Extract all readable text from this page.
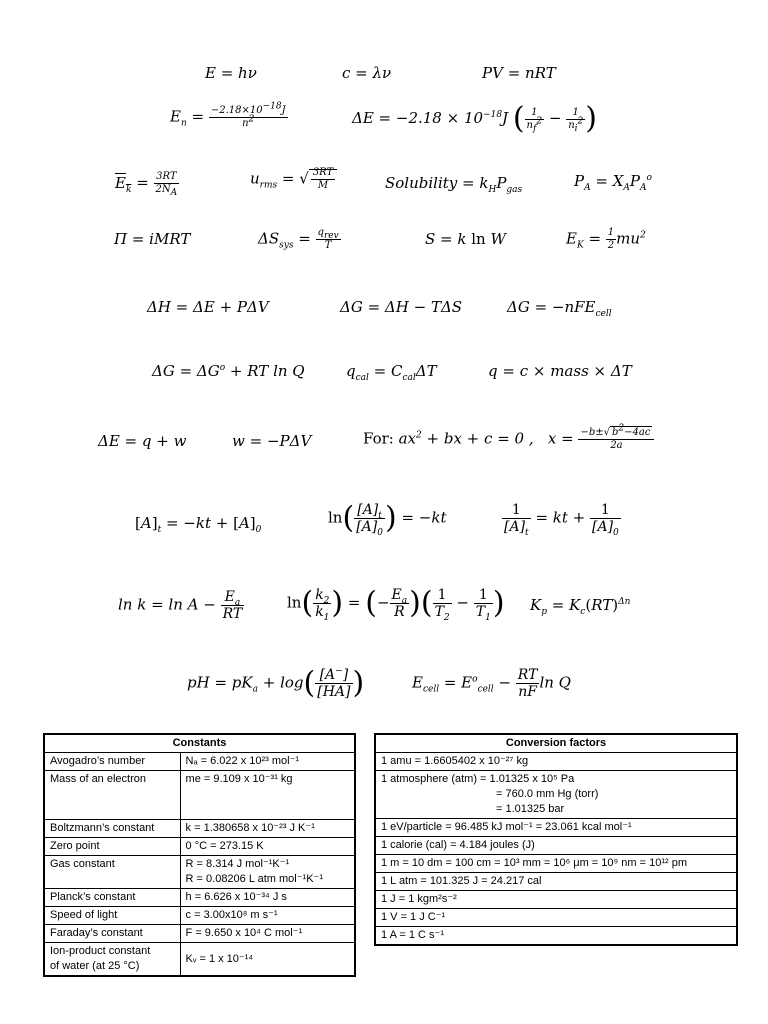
E = hν	c = λν	PV = nRT
$E_n = \frac{-2.18\times 10^{-18}J}{n^2}$	$\Delta E = -2.18 \times 10^{-18}J$ ( $\frac{1}{n_f^2} - \frac{1}{n_i^2}$ )
$E_k = \frac{3RT}{2N_A}$	$u_{rms}$ = √ $\frac{3RT}{M}$	Solubility = $k_HP_{gas}$	$P_A = X_AP_A^o$
Π = iMRT	$\Delta S_{sys} = \frac{q_{rev}}{T}$	S = k ln W	$E_K = \frac{1}{2} mu^2$
ΔH = ΔE + PΔV	ΔG = ΔH − TΔS	ΔG = −nFE$_{cell}$
$\Delta G = \Delta G^o$ + RT ln Q	$q_{cal} = C_{cal}\Delta T$	q = c × mass × ΔT
ΔE = q + w	w = −PΔV	For: $ax^2$ + bx + c = 0 ,   $x = \frac{-b\pm√ b^2-4ac}{2a}$
$[A]_t = -kt + [A]_0$
$\ln( \frac{[A]_t}{[A]_0}$ ) = −kt	$\frac{1}{[A]_t}$ = kt + $\frac{1}{[A]_0}$
$\ln k = \ln A - \frac{E_a}{RT}$	$\ln( \frac{k_2}{k_1}$ ) = (− $\frac{E_a}{R}$ )( $\frac{1}{T_2} - \frac{1}{T_1}$ ) $K_p = K_c(RT)^{\Delta n}$
pH = $pK_a + \log( \frac{[A^-]}{[HA]}$ )	$E_{cell} = E^o_{cell} - \frac{RT}{nF}$ ln Q
Constants	
Avogadro’s number	Nₐ = 6.022 x 10²³ mol⁻¹
Mass of an electron	me = 9.109 x 10⁻³¹ kg
Boltzmann’s constant	k = 1.380658 x 10⁻²³ J K⁻¹
Zero point	0 °C = 273.15 K
Gas constant	R = 8.314 J mol⁻¹K⁻¹
R = 0.08206 L atm mol⁻¹K⁻¹
Planck’s constant	h = 6.626 x 10⁻³⁴ J s
Speed of light	c = 3.00x10⁸ m s⁻¹
Faraday’s constant	F = 9.650 x 10⁴ C mol⁻¹
Ion-product constant
of water (at 25 °C)	Kᵥ = 1 x 10⁻¹⁴
Conversion factors
1 amu = 1.6605402 x 10⁻²⁷ kg
1 atmosphere (atm) = 1.01325 x 10⁵ Pa
= 760.0 mm Hg (torr)
= 1.01325 bar

1 eV/particle = 96.485 kJ mol⁻¹ = 23.061 kcal mol⁻¹
1 calorie (cal) = 4.184 joules (J)
1 m = 10 dm = 100 cm = 10³ mm = 10⁶ μm = 10⁹ nm = 10¹² pm
1 L atm = 101.325 J = 24.217 cal
1 J = 1 kgm²s⁻²
1 V = 1 J C⁻¹
1 A = 1 C s⁻¹
